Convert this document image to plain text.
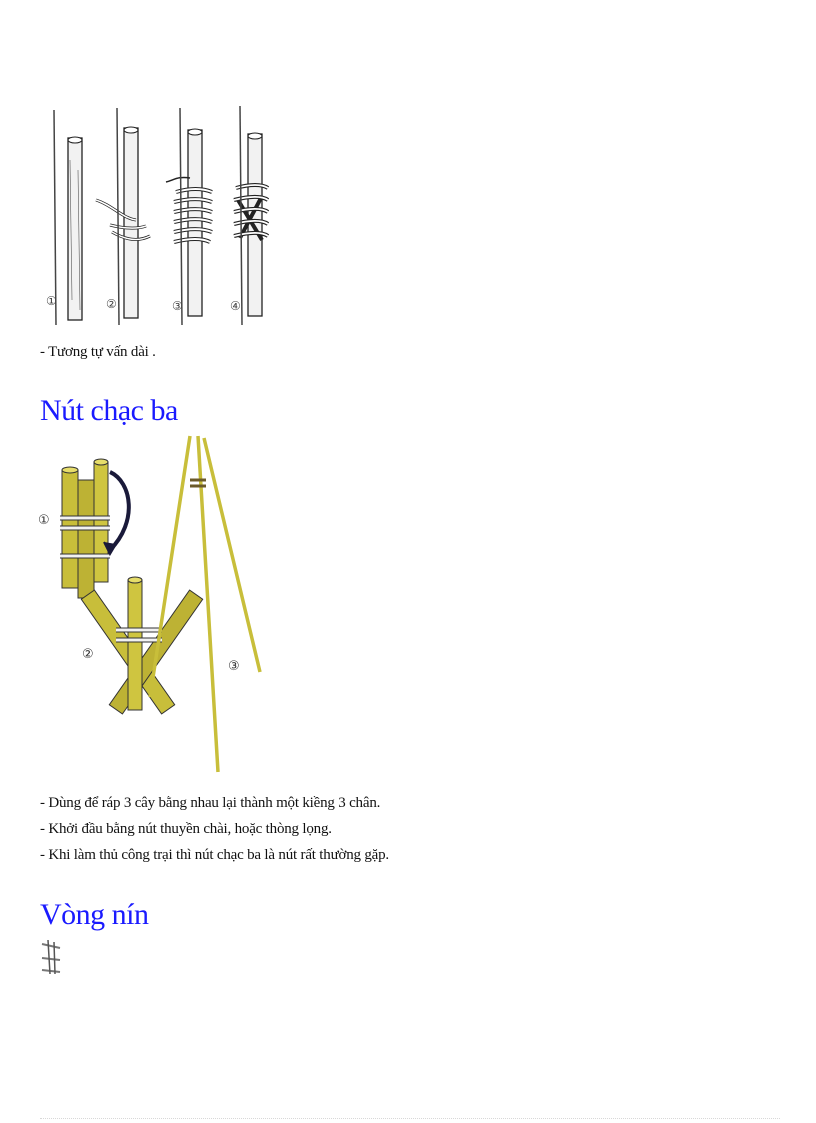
①	②	③	④
- Tương tự vấn dài .
Nút chạc ba
①
②
③
- Dùng để ráp 3 cây bằng nhau lại thành một kiềng 3 chân.
- Khởi đầu bằng nút thuyền chài, hoặc thòng lọng.
- Khi làm thủ công trại thì nút chạc ba là nút rất thường gặp.
Vòng nín
